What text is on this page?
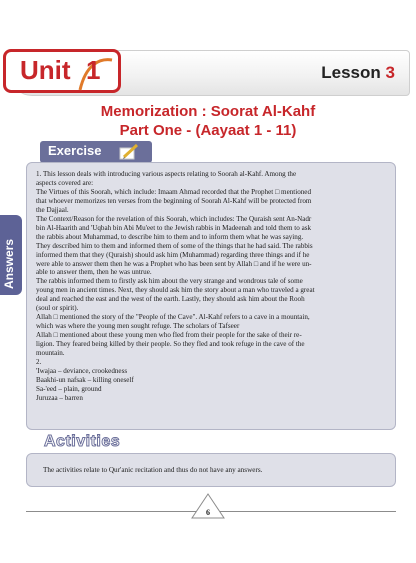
Unit 1	Lesson 3
Memorization : Soorat Al-Kahf
Part One - (Aayaat 1 - 11)
Exercise
Answers
1. This lesson deals with introducing various aspects relating to Soorah al-Kahf. Among the
aspects covered are:
The Virtues of this Soorah, which include: Imaam Ahmad recorded that the Prophet □ mentioned
that whoever memorizes ten verses from the beginning of Soorah Al-Kahf will be protected from
the Dajjaal.
The Context/Reason for the revelation of this Soorah, which includes: The Quraish sent An-Nadr
bin Al-Haarith and 'Uqbah bin Abi Mu'eet to the Jewish rabbis in Madeenah and told them to ask
the rabbis about Muhammad, to describe him to them and to inform them what he was saying.
They described him to them and informed them of some of the things that he had said. The rabbis
informed them that they (Quraish) should ask him (Muhammad) regarding three things and if he
were able to answer them then he was a Prophet who has been sent by Allah □ and if he were un-
able to answer them, then he was untrue.
The rabbis informed them to firstly ask him about the very strange and wondrous tale of some
young men in ancient times. Next, they should ask him the story about a man who traveled a great
deal and reached the east and the west of the earth. Lastly, they should ask him about the Rooh
(soul or spirit).
Allah □ mentioned the story of the "People of the Cave". Al-Kahf refers to a cave in a mountain,
which was where the young men sought refuge. The scholars of Tafseer
Allah □ mentioned about these young men who fled from their people for the sake of their re-
ligion. They feared being killed by their people. So they fled and took refuge in the cave of the
mountain.
2.
'Iwajaa – deviance, crookedness
Baakhi-un nafsak – killing oneself
Sa-'eed – plain, ground
Juruzaa – barren
Activities
The activities relate to Qur'anic recitation and thus do not have any answers.
6
